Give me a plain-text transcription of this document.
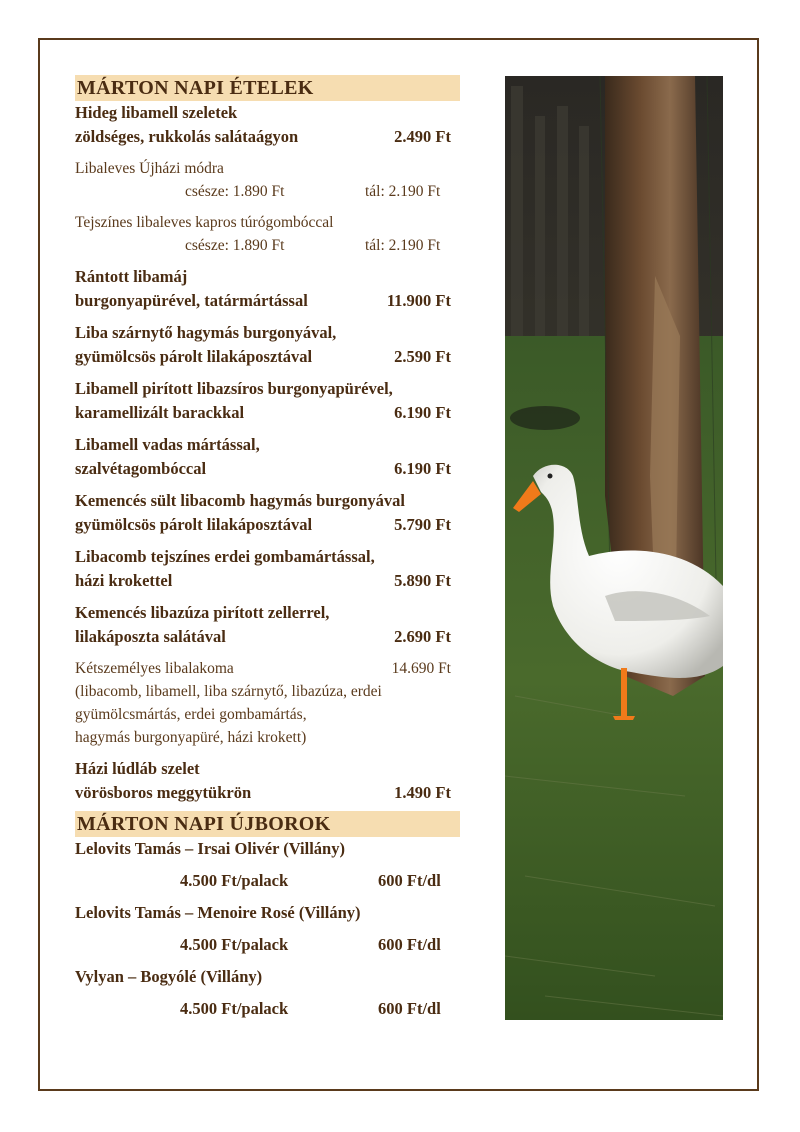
MÁRTON NAPI ÉTELEK
Hideg libamell szeletek
zöldséges, rukkolás salátaágyon	2.490 Ft
Libaleves Újházi módra
csésze: 1.890 Ft	tál: 2.190 Ft
Tejszínes libaleves kapros túrógombóccal
csésze: 1.890 Ft	tál: 2.190 Ft
Rántott libamáj
burgonyapürével, tatármártással	11.900 Ft
Liba szárnytő hagymás burgonyával,
gyümölcsös párolt lilakáposztával	2.590 Ft
Libamell pirított libazsíros burgonyapürével,
karamellizált barackkal	6.190 Ft
Libamell vadas mártással,
szalvétagombóccal	6.190 Ft
Kemencés sült libacomb hagymás burgonyával
gyümölcsös párolt lilakáposztával	5.790 Ft
Libacomb tejszínes erdei gombamártással,
házi krokettel	5.890 Ft
Kemencés libazúza pirított zellerrel,
lilakáposzta salátával	2.690 Ft
Kétszemélyes libalakoma	14.690 Ft
(libacomb, libamell, liba szárnytő, libazúza, erdei
gyümölcsmártás, erdei gombamártás,
hagymás burgonyapüré, házi krokett)
Házi lúdláb szelet
vörösboros meggytükrön	1.490 Ft
MÁRTON NAPI ÚJBOROK
Lelovits Tamás – Irsai Olivér (Villány)
4.500 Ft/palack	600 Ft/dl
Lelovits Tamás – Menoire Rosé (Villány)
4.500 Ft/palack	600 Ft/dl
Vylyan – Bogyólé (Villány)
4.500 Ft/palack	600 Ft/dl
